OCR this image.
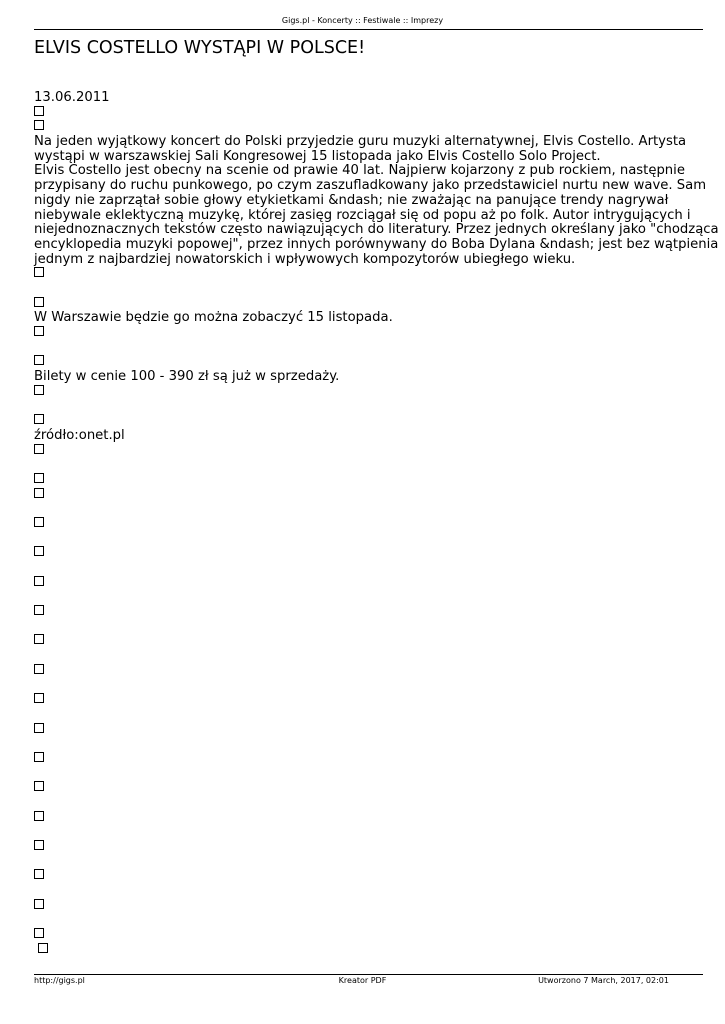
Gigs.pl - Koncerty :: Festiwale :: Imprezy
ELVIS COSTELLO WYSTĄPI W POLSCE!
13.06.2011
Na jeden wyjątkowy koncert do Polski przyjedzie guru muzyki alternatywnej, Elvis Costello. Artysta
wystąpi w warszawskiej Sali Kongresowej 15 listopada jako Elvis Costello Solo Project.
Elvis Costello jest obecny na scenie od prawie 40 lat. Najpierw kojarzony z pub rockiem, następnie
przypisany do ruchu punkowego, po czym zaszufladkowany jako przedstawiciel nurtu new wave. Sam
nigdy nie zaprzątał sobie głowy etykietkami &ndash; nie zważając na panujące trendy nagrywał
niebywale eklektyczną muzykę, której zasięg rozciągał się od popu aż po folk. Autor intrygujących i
niejednoznacznych tekstów często nawiązujących do literatury. Przez jednych określany jako "chodząca
encyklopedia muzyki popowej", przez innych porównywany do Boba Dylana &ndash; jest bez wątpienia
jednym z najbardziej nowatorskich i wpływowych kompozytorów ubiegłego wieku.
W Warszawie będzie go można zobaczyć 15 listopada.
Bilety w cenie 100 - 390 zł są już w sprzedaży.
źródło:onet.pl

http://gigs.pl	Kreator PDF	Utworzono 7 March, 2017, 02:01
